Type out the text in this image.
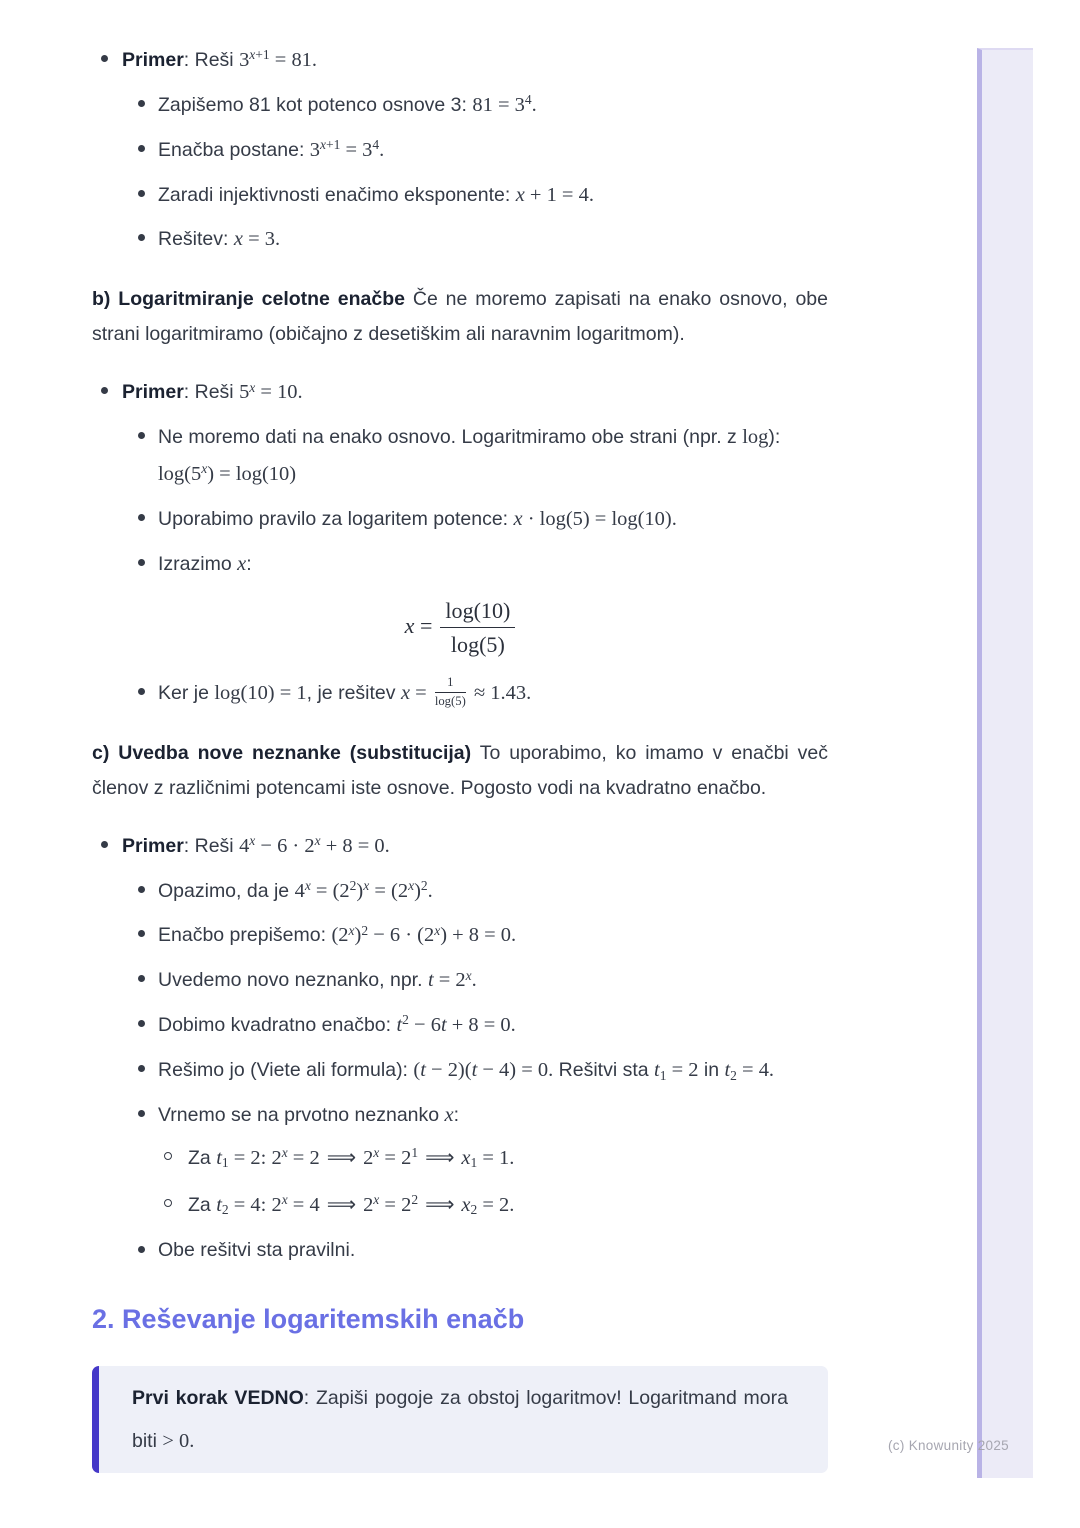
(c) Knowunity 2025
Primer: Reši $3^{x+1} = 81$.
Zapišemo 81 kot potenco osnove 3: $81 = 3^4$.
Enačba postane: $3^{x+1} = 3^4$.
Zaradi injektivnosti enačimo eksponente: x + 1 = 4.
Rešitev: x = 3.

b) Logaritmiranje celotne enačbe Če ne moremo zapisati na enako osnovo, obe strani logaritmiramo (običajno z desetiškim ali naravnim logaritmom).

Primer: Reši $5^x = 10$.
Ne moremo dati na enako osnovo. Logaritmiramo obe strani (npr. z log):
$\log(5^x) = \log(10)$
Uporabimo pravilo za logaritem potence: x · log(5) = log(10).
Izrazimo x:
$x = \frac{\log(10)}{\log(5)}$
Ker je log(10) = 1, je rešitev $x = \frac{1}{\log(5)} \approx 1.43$.

c) Uvedba nove neznanke (substitucija) To uporabimo, ko imamo v enačbi več členov z različnimi potencami iste osnove. Pogosto vodi na kvadratno enačbo.

Primer: Reši $4^x - 6 \cdot 2^x + 8 = 0$.
Opazimo, da je $4^x = (2^2)^x = (2^x)^2$.
Enačbo prepišemo: $(2^x)^2 - 6 \cdot (2^x) + 8 = 0$.
Uvedemo novo neznanko, npr. $t = 2^x$.
Dobimo kvadratno enačbo: $t^2 - 6t + 8 = 0$.
Rešimo jo (Viete ali formula): (t − 2)(t − 4) = 0. Rešitvi sta $t_1 = 2$ in $t_2 = 4$.
Vrnemo se na prvotno neznanko x:
Za $t_1 = 2$: $2^x = 2$ ⟹ $2^x = 2^1$ ⟹ $x_1 = 1$.
Za $t_2 = 4$: $2^x = 4$ ⟹ $2^x = 2^2$ ⟹ $x_2 = 2$.
Obe rešitvi sta pravilni.
2. Reševanje logaritemskih enačb

Prvi korak VEDNO: Zapiši pogoje za obstoj logaritmov! Logaritmand mora biti > 0.
